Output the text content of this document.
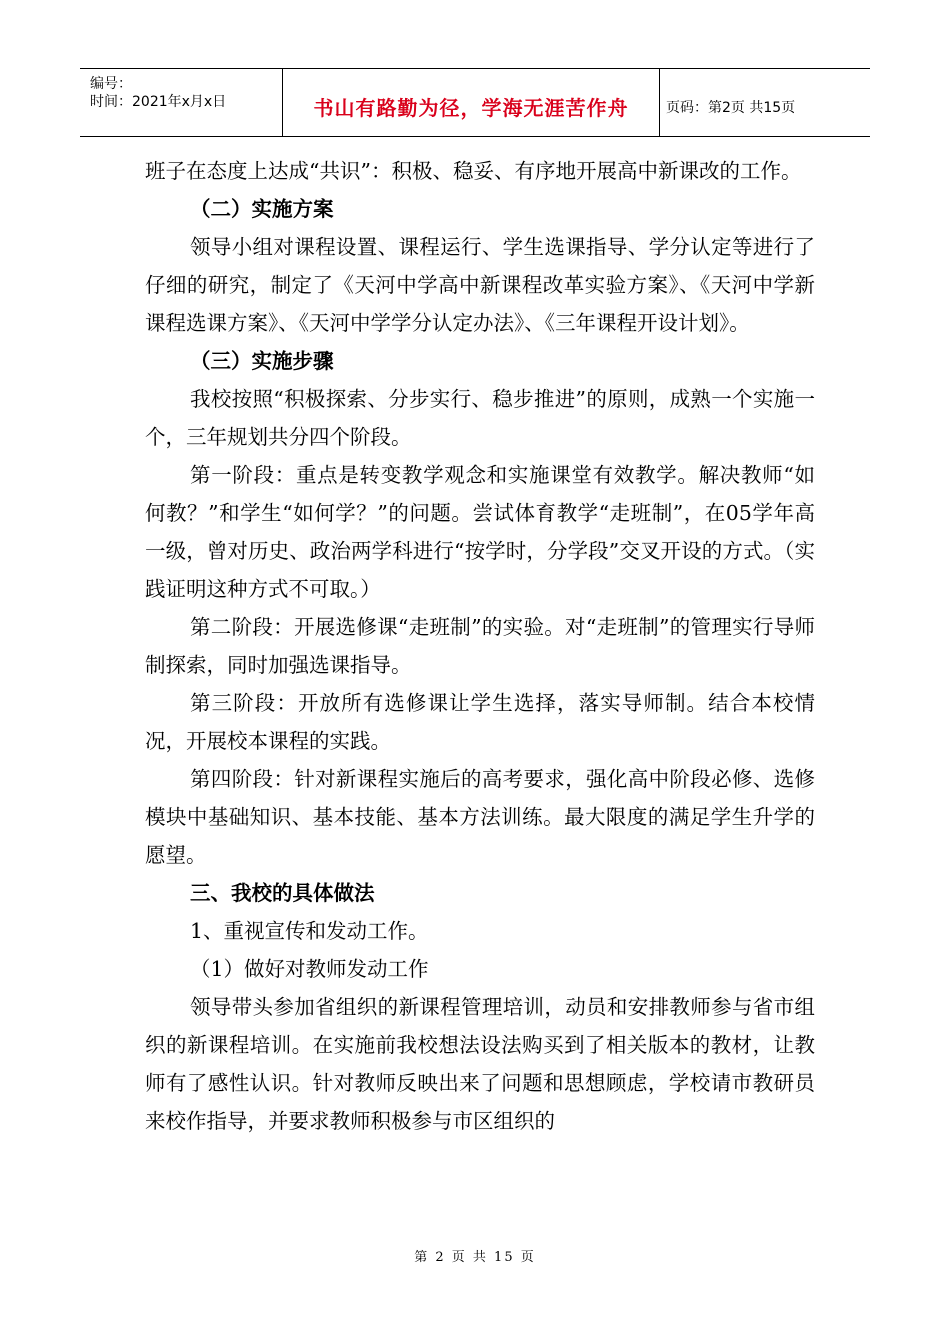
编号：
时间：2021年x月x日	书山有路勤为径，学海无涯苦作舟	页码：第2页 共15页

班子在态度上达成“共识”：积极、稳妥、有序地开展高中新课改的工作。

（二）实施方案

领导小组对课程设置、课程运行、学生选课指导、学分认定等进行了仔细的研究，制定了《天河中学高中新课程改革实验方案》、《天河中学新课程选课方案》、《天河中学学分认定办法》、《三年课程开设计划》。

（三）实施步骤

我校按照“积极探索、分步实行、稳步推进”的原则，成熟一个实施一个，三年规划共分四个阶段。

第一阶段：重点是转变教学观念和实施课堂有效教学。解决教师“如何教？”和学生“如何学？”的问题。尝试体育教学“走班制”，在05学年高一级，曾对历史、政治两学科进行“按学时，分学段”交叉开设的方式。（实践证明这种方式不可取。）

第二阶段：开展选修课“走班制”的实验。对“走班制”的管理实行导师制探索，同时加强选课指导。

第三阶段：开放所有选修课让学生选择，落实导师制。结合本校情况，开展校本课程的实践。

第四阶段：针对新课程实施后的高考要求，强化高中阶段必修、选修模块中基础知识、基本技能、基本方法训练。最大限度的满足学生升学的愿望。

三、我校的具体做法

1、重视宣传和发动工作。

（1）做好对教师发动工作

领导带头参加省组织的新课程管理培训，动员和安排教师参与省市组织的新课程培训。在实施前我校想法设法购买到了相关版本的教材，让教师有了感性认识。针对教师反映出来了问题和思想顾虑，学校请市教研员来校作指导，并要求教师积极参与市区组织的

第 2 页 共 15 页
